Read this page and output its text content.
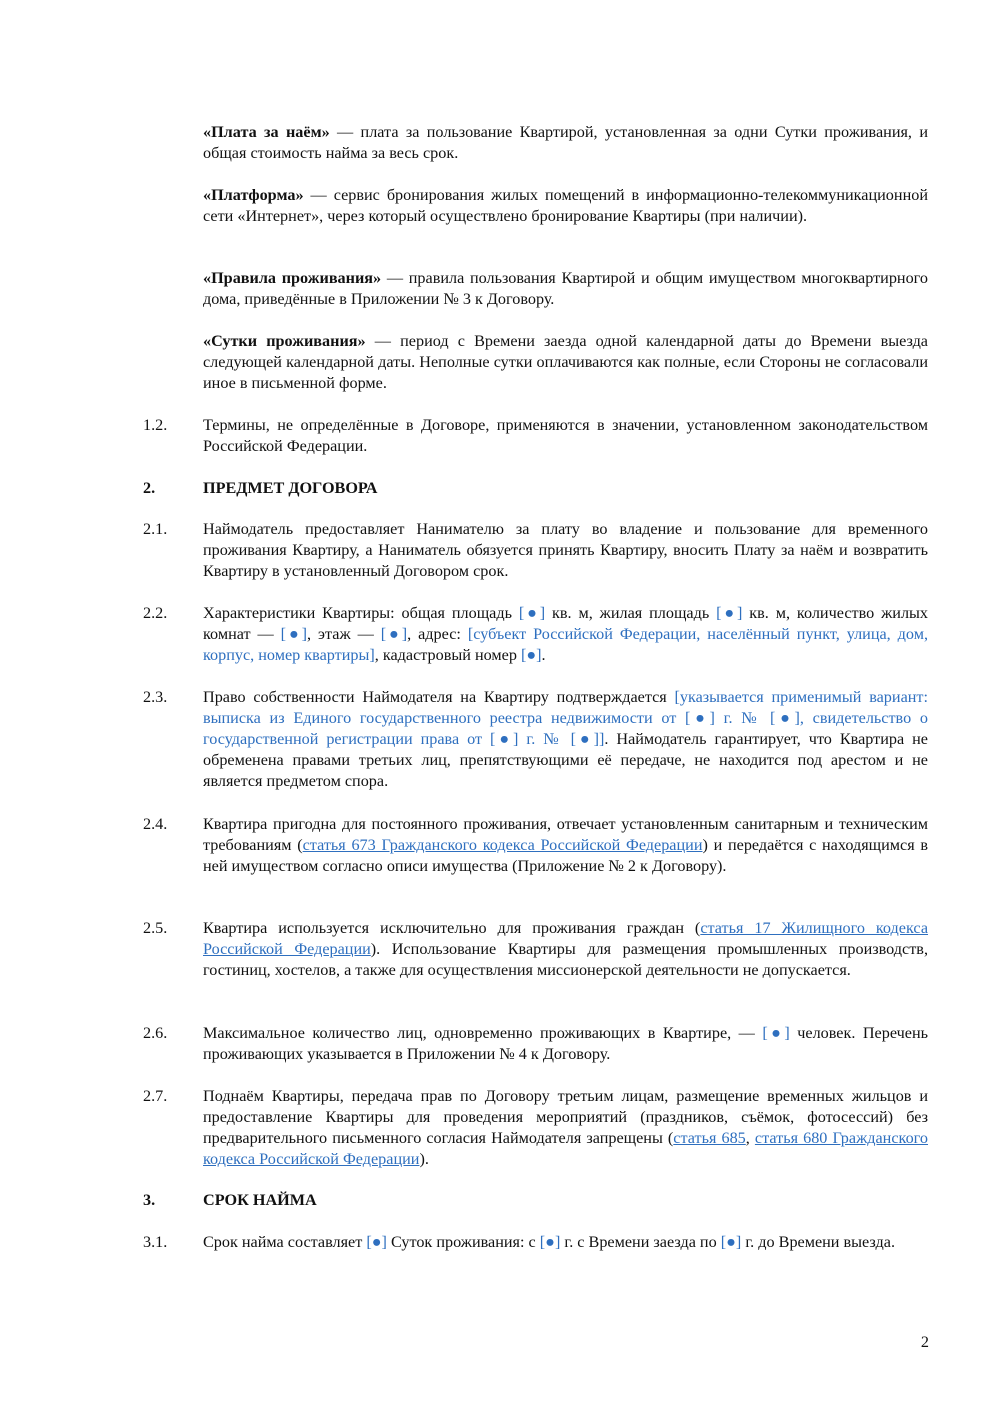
«Плата за наём» — плата за пользование Квартирой, установленная за одни Сутки проживания, и общая стоимость найма за весь срок.
«Платформа» — сервис бронирования жилых помещений в информационно-телекоммуникационной сети «Интернет», через который осуществлено бронирование Квартиры (при наличии).
«Правила проживания» — правила пользования Квартирой и общим имуществом многоквартирного дома, приведённые в Приложении № 3 к Договору.
«Сутки проживания» — период с Времени заезда одной календарной даты до Времени выезда следующей календарной даты. Неполные сутки оплачиваются как полные, если Стороны не согласовали иное в письменной форме.
1.2. Термины, не определённые в Договоре, применяются в значении, установленном законодательством Российской Федерации.
2.	ПРЕДМЕТ ДОГОВОРА
2.1. Наймодатель предоставляет Нанимателю за плату во владение и пользование для временного проживания Квартиру, а Наниматель обязуется принять Квартиру, вносить Плату за наём и возвратить Квартиру в установленный Договором срок.
2.2. Характеристики Квартиры: общая площадь [●] кв. м, жилая площадь [●] кв. м, количество жилых комнат — [●], этаж — [●], адрес: [субъект Российской Федерации, населённый пункт, улица, дом, корпус, номер квартиры], кадастровый номер [●].
2.3. Право собственности Наймодателя на Квартиру подтверждается [указывается применимый вариант: выписка из Единого государственного реестра недвижимости от [●] г. № [●], свидетельство о государственной регистрации права от [●] г. № [●]]. Наймодатель гарантирует, что Квартира не обременена правами третьих лиц, препятствующими её передаче, не находится под арестом и не является предметом спора.
2.4. Квартира пригодна для постоянного проживания, отвечает установленным санитарным и техническим требованиям (статья 673 Гражданского кодекса Российской Федерации) и передаётся с находящимся в ней имуществом согласно описи имущества (Приложение № 2 к Договору).
2.5. Квартира используется исключительно для проживания граждан (статья 17 Жилищного кодекса Российской Федерации). Использование Квартиры для размещения промышленных производств, гостиниц, хостелов, а также для осуществления миссионерской деятельности не допускается.
2.6. Максимальное количество лиц, одновременно проживающих в Квартире, — [●] человек. Перечень проживающих указывается в Приложении № 4 к Договору.
2.7. Поднаём Квартиры, передача прав по Договору третьим лицам, размещение временных жильцов и предоставление Квартиры для проведения мероприятий (праздников, съёмок, фотосессий) без предварительного письменного согласия Наймодателя запрещены (статья 685, статья 680 Гражданского кодекса Российской Федерации).
3.	СРОК НАЙМА
3.1. Срок найма составляет [●] Суток проживания: с [●] г. с Времени заезда по [●] г. до Времени выезда.
2
